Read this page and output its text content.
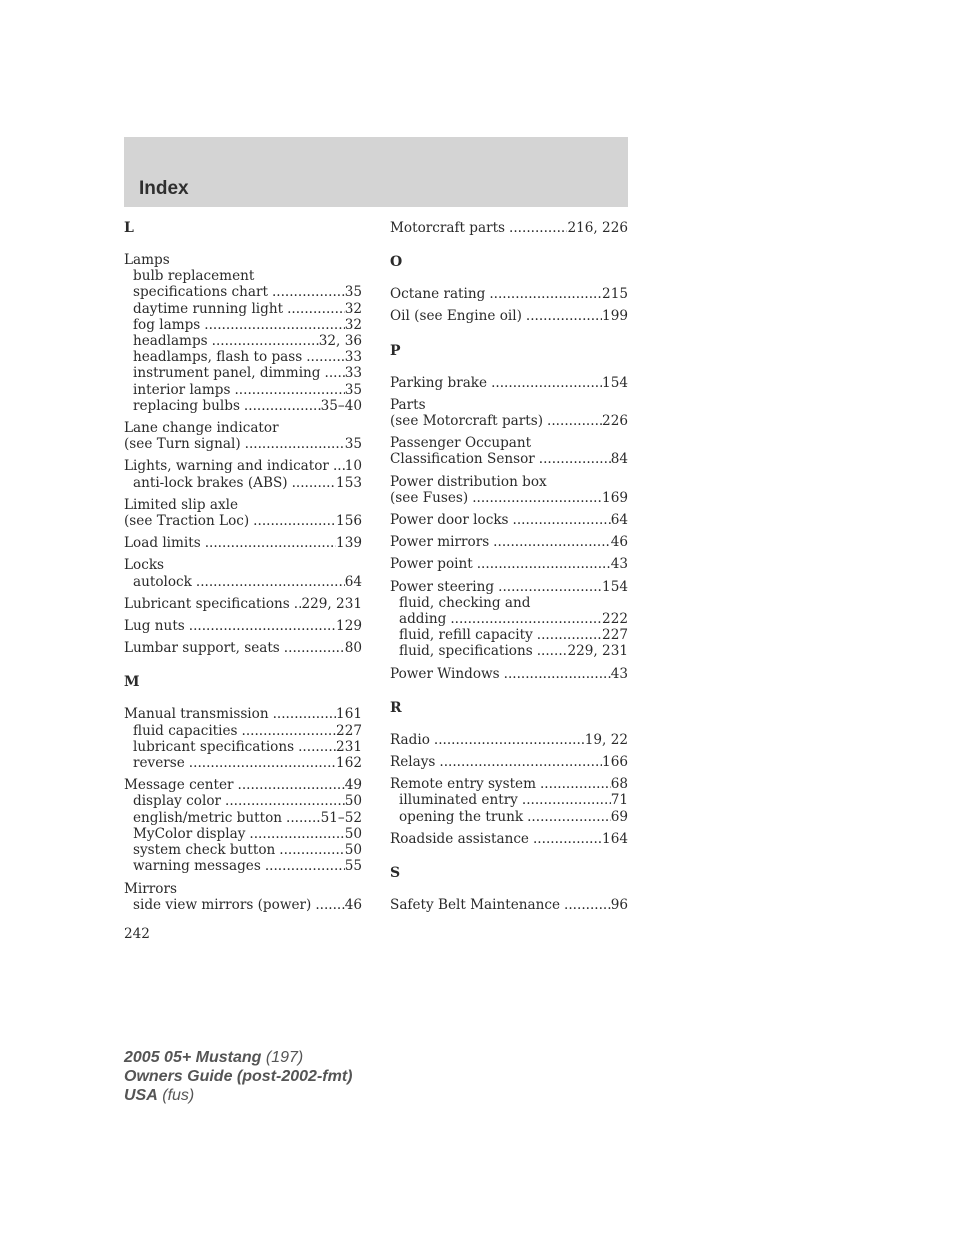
Index
L
Lamps
bulb replacement
specifications chart .....	35
daytime running light .....	32
fog lamps .....	32
headlamps .....	32, 36
headlamps, flash to pass .....	33
instrument panel, dimming ..... 33
interior lamps .....	35
replacing bulbs .....	35–40
Lane change indicator
(see Turn signal) .....	35
Lights, warning and indicator ..... 10
anti-lock brakes (ABS) .....	153
Limited slip axle
(see Traction Loc) .....	156
Load limits .....	139
Locks
autolock .....	64
Lubricant specifications ..... 229, 231
Lug nuts .....	129
Lumbar support, seats .....	80
M
Manual transmission .....	161
fluid capacities .....	227
lubricant specifications .....	231
reverse .....	162
Message center .....	49
display color .....	50
english/metric button .....	51–52
MyColor display .....	50
system check button .....	50
warning messages .....	55
Mirrors
side view mirrors (power) ..... 46
Motorcraft parts .....	216, 226
O
Octane rating .....	215
Oil (see Engine oil) .....	199
P
Parking brake .....	154
Parts
(see Motorcraft parts) .....	226
Passenger Occupant
Classification Sensor .....	84
Power distribution box
(see Fuses) .....	169
Power door locks .....	64
Power mirrors .....	46
Power point .....	43
Power steering .....	154
fluid, checking and
adding .....	222
fluid, refill capacity .....	227
fluid, specifications .....	229, 231
Power Windows .....	43
R
Radio .....	19, 22
Relays .....	166
Remote entry system .....	68
illuminated entry .....	71
opening the trunk .....	69
Roadside assistance .....	164
S
Safety Belt Maintenance .....	96
242
2005 05+ Mustang (197)
Owners Guide (post-2002-fmt)
USA (fus)
